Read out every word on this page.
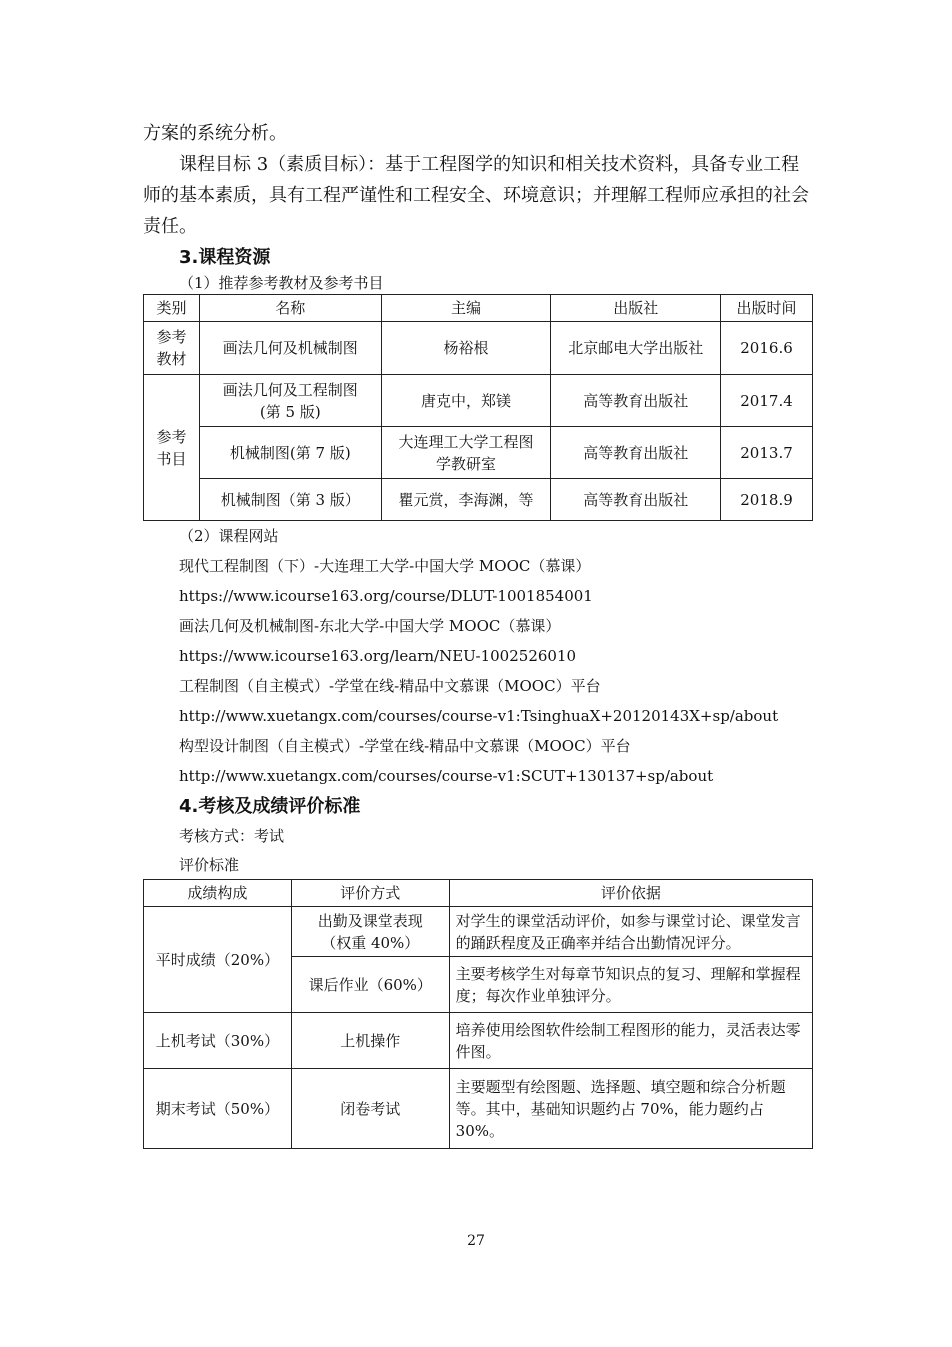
方案的系统分析。

课程目标 3（素质目标）：基于工程图学的知识和相关技术资料，具备专业工程师的基本素质，具有工程严谨性和工程安全、环境意识；并理解工程师应承担的社会责任。

3.课程资源

（1）推荐参考教材及参考书目

类别	名称	主编	出版社	出版时间
参考教材	画法几何及机械制图	杨裕根	北京邮电大学出版社	2016.6
参考书目	画法几何及工程制图(第 5 版)	唐克中，郑镁	高等教育出版社	2017.4
	机械制图(第 7 版)	大连理工大学工程图学教研室	高等教育出版社	2013.7
	机械制图（第 3 版）	瞿元赏，李海渊，等	高等教育出版社	2018.9

（2）课程网站

现代工程制图（下）-大连理工大学-中国大学 MOOC（慕课）

https://www.icourse163.org/course/DLUT-1001854001

画法几何及机械制图-东北大学-中国大学 MOOC（慕课）

https://www.icourse163.org/learn/NEU-1002526010

工程制图（自主模式）-学堂在线-精品中文慕课（MOOC）平台

http://www.xuetangx.com/courses/course-v1:TsinghuaX+20120143X+sp/about

构型设计制图（自主模式）-学堂在线-精品中文慕课（MOOC）平台

http://www.xuetangx.com/courses/course-v1:SCUT+130137+sp/about

4.考核及成绩评价标准

考核方式：考试

评价标准

成绩构成	评价方式	评价依据
平时成绩（20%）	出勤及课堂表现（权重 40%）	对学生的课堂活动评价，如参与课堂讨论、课堂发言的踊跃程度及正确率并结合出勤情况评分。
	课后作业（60%）	主要考核学生对每章节知识点的复习、理解和掌握程度；每次作业单独评分。
上机考试（30%）	上机操作	培养使用绘图软件绘制工程图形的能力，灵活表达零件图。
期末考试（50%）	闭卷考试	主要题型有绘图题、选择题、填空题和综合分析题等。其中，基础知识题约占 70%，能力题约占 30%。
27
